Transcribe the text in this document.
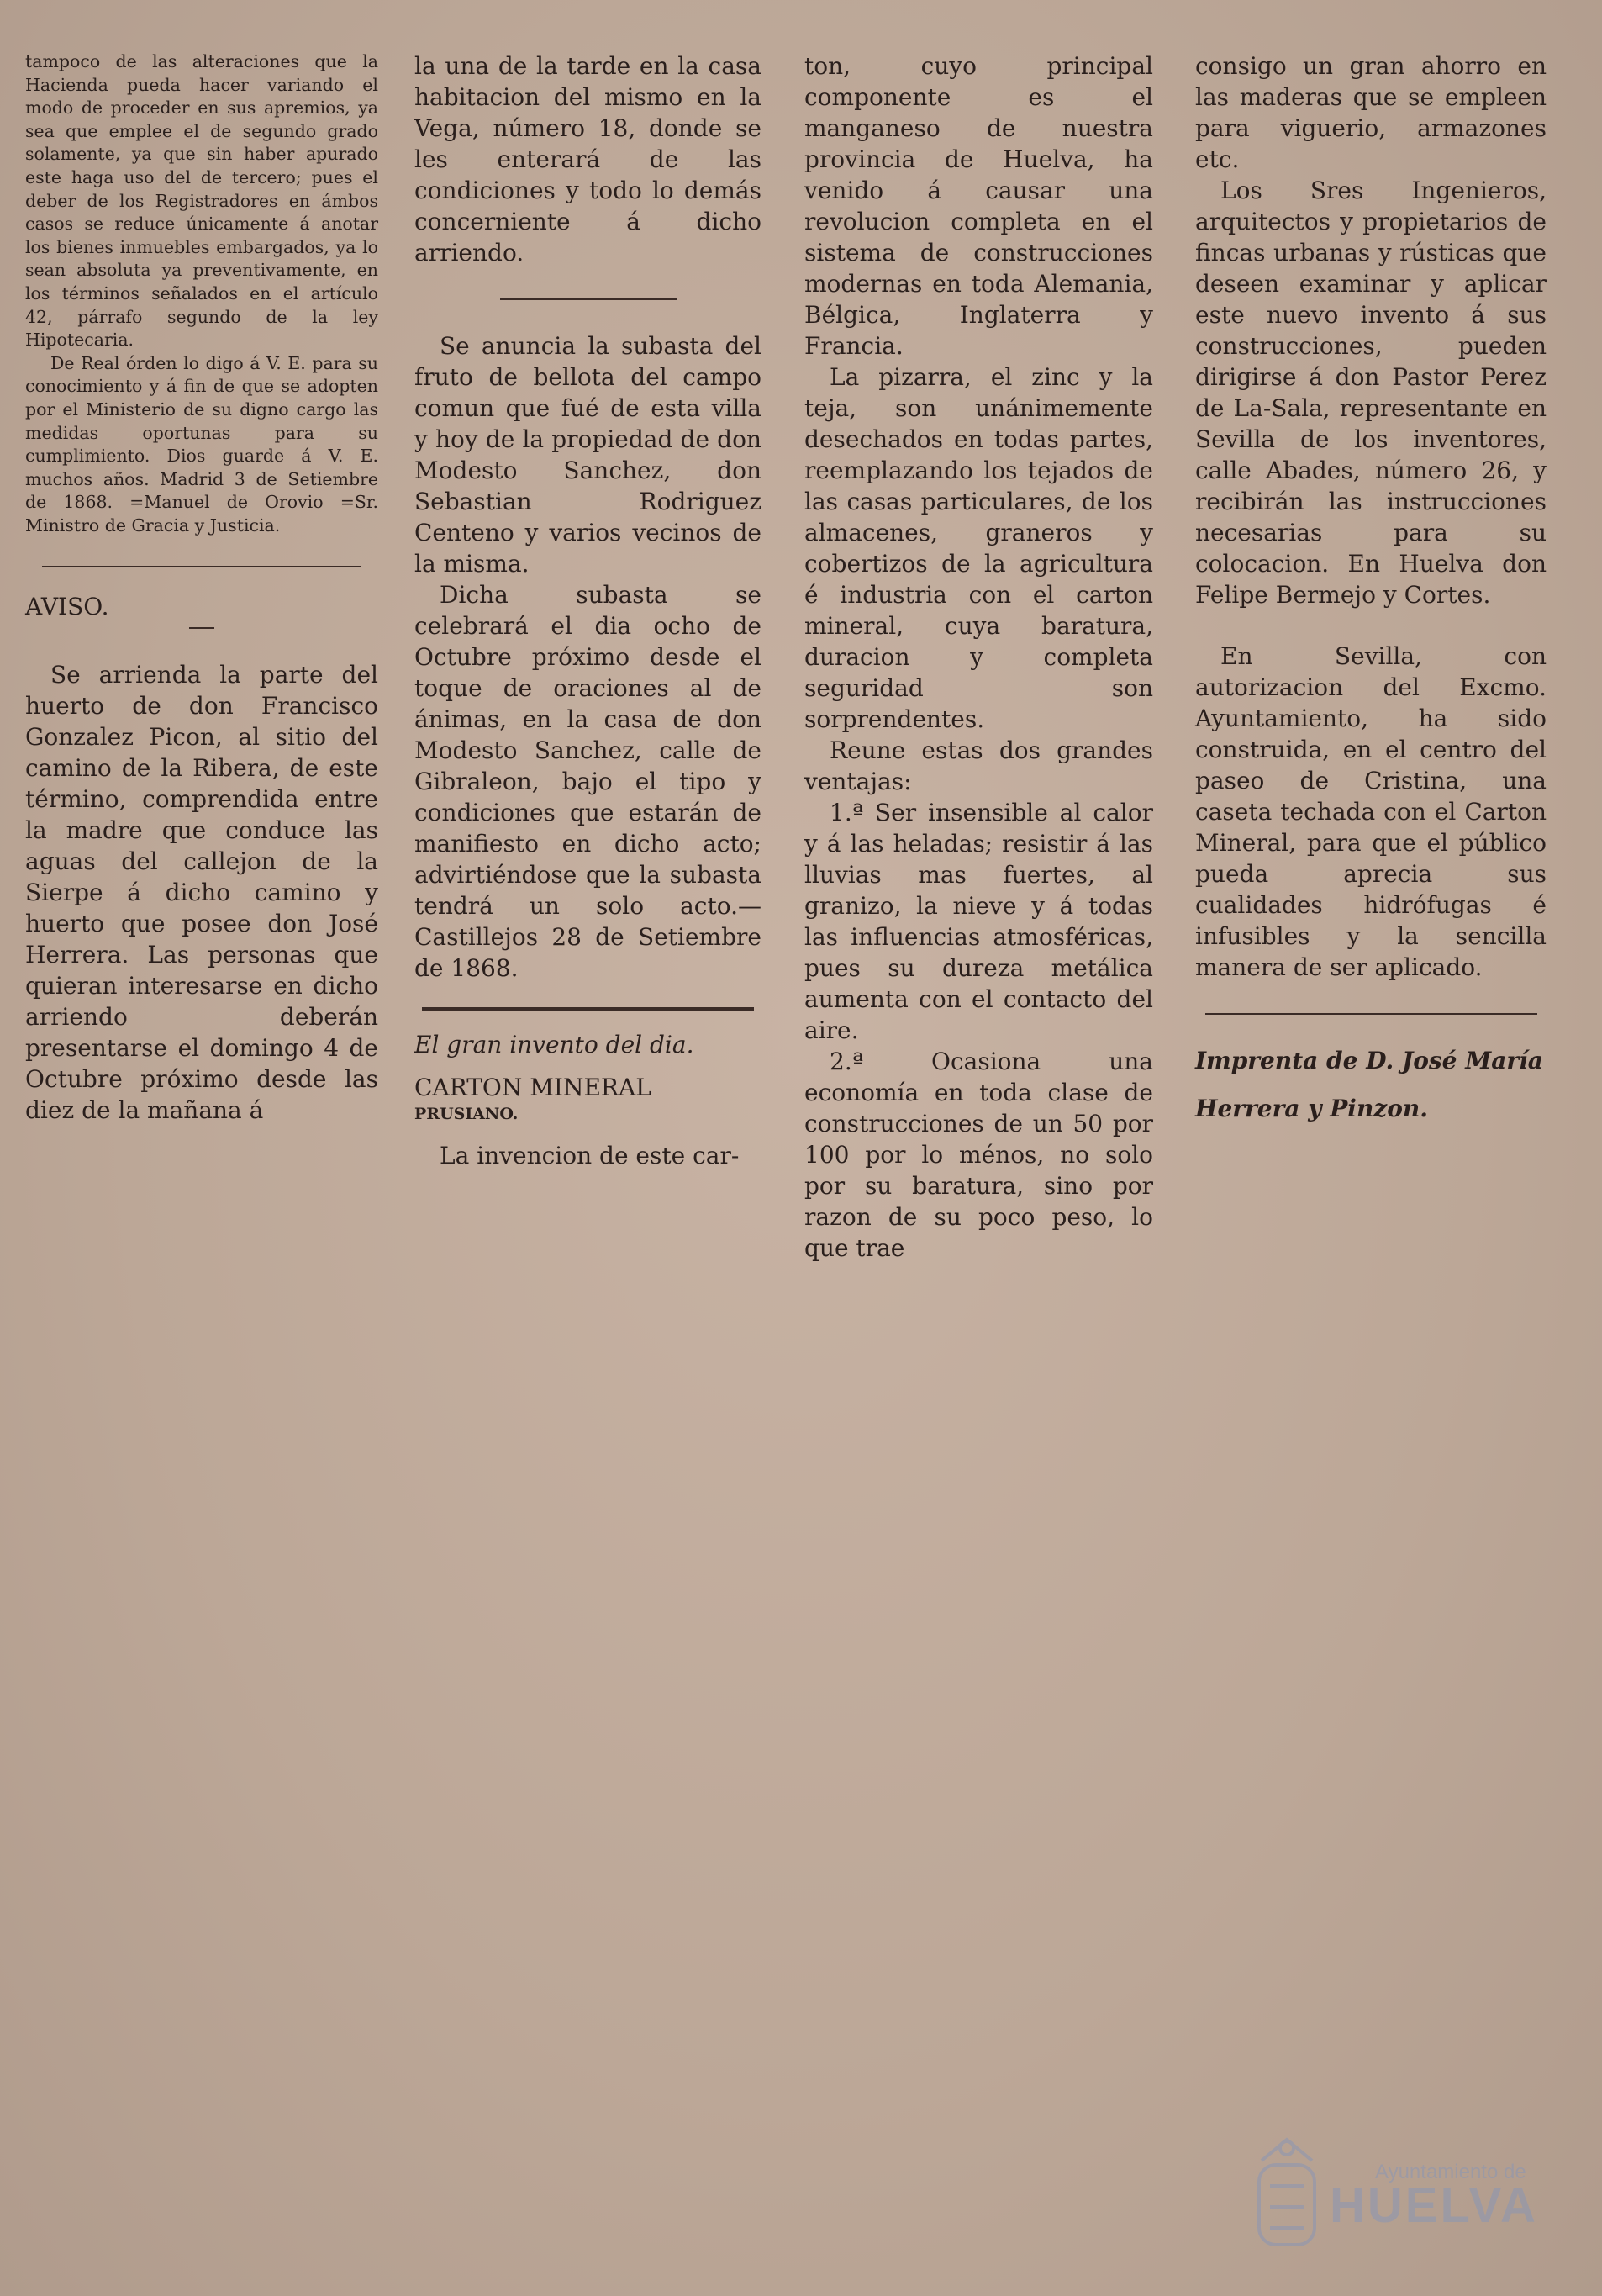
tampoco de las alteraciones que la Hacienda pueda hacer variando el modo de proceder en sus apremios, ya sea que emplee el de segundo grado solamente, ya que sin haber apurado este haga uso del de tercero; pues el deber de los Registradores en ámbos casos se reduce únicamente á anotar los bienes inmuebles embargados, ya lo sean absoluta ya preventivamente, en los términos señalados en el artículo 42, párrafo segundo de la ley Hipotecaria.

De Real órden lo digo á V. E. para su conocimiento y á fin de que se adopten por el Ministerio de su digno cargo las medidas oportunas para su cumplimiento. Dios guarde á V. E. muchos años. Madrid 3 de Setiembre de 1868. =Manuel de Orovio =Sr. Ministro de Gracia y Justicia.

AVISO.

Se arrienda la parte del huerto de don Francisco Gonzalez Picon, al sitio del camino de la Ribera, de este término, comprendida entre la madre que conduce las aguas del callejon de la Sierpe á dicho camino y huerto que posee don José Herrera. Las personas que quieran interesarse en dicho arriendo deberán presentarse el domingo 4 de Octubre próximo desde las diez de la mañana á

la una de la tarde en la casa habitacion del mismo en la Vega, número 18, donde se les enterará de las condiciones y todo lo demás concerniente á dicho arriendo.

Se anuncia la subasta del fruto de bellota del campo comun que fué de esta villa y hoy de la propiedad de don Modesto Sanchez, don Sebastian Rodriguez Centeno y varios vecinos de la misma.

Dicha subasta se celebrará el dia ocho de Octubre próximo desde el toque de oraciones al de ánimas, en la casa de don Modesto Sanchez, calle de Gibraleon, bajo el tipo y condiciones que estarán de manifiesto en dicho acto; advirtiéndose que la subasta tendrá un solo acto.—Castillejos 28 de Setiembre de 1868.

El gran invento del dia.

CARTON MINERAL

PRUSIANO.

La invencion de este car-

ton, cuyo principal componente es el manganeso de nuestra provincia de Huelva, ha venido á causar una revolucion completa en el sistema de construcciones modernas en toda Alemania, Bélgica, Inglaterra y Francia.

La pizarra, el zinc y la teja, son unánimemente desechados en todas partes, reemplazando los tejados de las casas particulares, de los almacenes, graneros y cobertizos de la agricultura é industria con el carton mineral, cuya baratura, duracion y completa seguridad son sorprendentes.

Reune estas dos grandes ventajas:

1.ª Ser insensible al calor y á las heladas; resistir á las lluvias mas fuertes, al granizo, la nieve y á todas las influencias atmosféricas, pues su dureza metálica aumenta con el contacto del aire.

2.ª Ocasiona una economía en toda clase de construcciones de un 50 por 100 por lo ménos, no solo por su baratura, sino por razon de su poco peso, lo que trae

consigo un gran ahorro en las maderas que se empleen para viguerio, armazones etc.

Los Sres Ingenieros, arquitectos y propietarios de fincas urbanas y rústicas que deseen examinar y aplicar este nuevo invento á sus construcciones, pueden dirigirse á don Pastor Perez de La-Sala, representante en Sevilla de los inventores, calle Abades, número 26, y recibirán las instrucciones necesarias para su colocacion. En Huelva don Felipe Bermejo y Cortes.

En Sevilla, con autorizacion del Excmo. Ayuntamiento, ha sido construida, en el centro del paseo de Cristina, una caseta techada con el Carton Mineral, para que el público pueda aprecia sus cualidades hidrófugas é infusibles y la sencilla manera de ser aplicado.

Imprenta de D. José María

Herrera y Pinzon.

Ayuntamiento de
HUELVA
